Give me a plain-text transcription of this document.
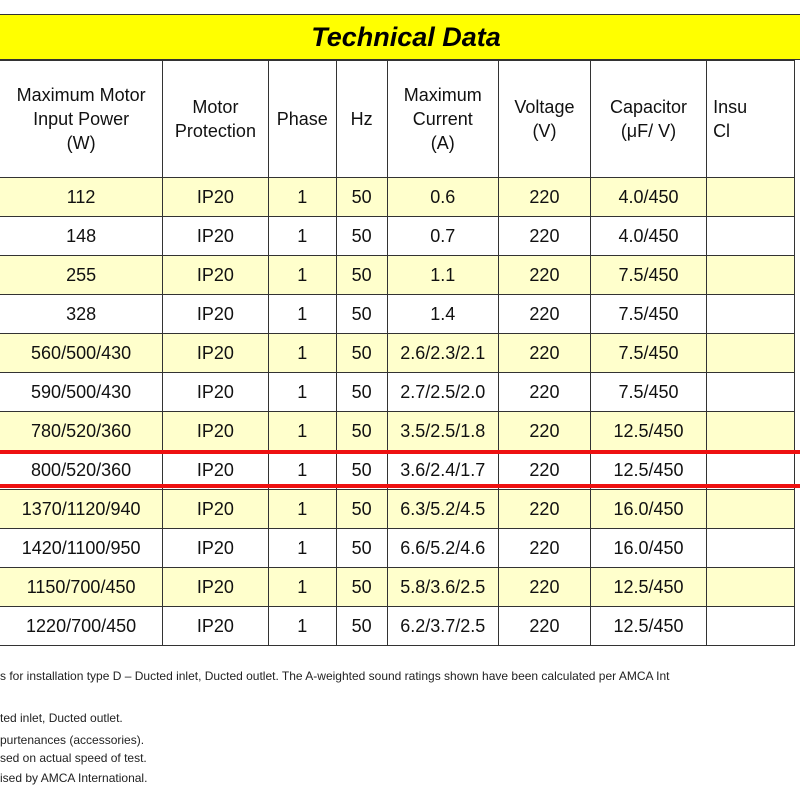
Technical Data
	Maximum Motor
Input Power
(W)	Motor
Protection	Phase	Hz	Maximum
Current
(A)	Voltage
(V)	Capacitor
(μF/ V)	Insu
Cl
	112	IP20	1	50	0.6	220	4.0/450	
	148	IP20	1	50	0.7	220	4.0/450	
	255	IP20	1	50	1.1	220	7.5/450	
	328	IP20	1	50	1.4	220	7.5/450	
	560/500/430	IP20	1	50	2.6/2.3/2.1	220	7.5/450	
	590/500/430	IP20	1	50	2.7/2.5/2.0	220	7.5/450	
	780/520/360	IP20	1	50	3.5/2.5/1.8	220	12.5/450	
	800/520/360	IP20	1	50	3.6/2.4/1.7	220	12.5/450	
	1370/1120/940	IP20	1	50	6.3/5.2/4.5	220	16.0/450	
	1420/1100/950	IP20	1	50	6.6/5.2/4.6	220	16.0/450	
	1150/700/450	IP20	1	50	5.8/3.6/2.5	220	12.5/450	
	1220/700/450	IP20	1	50	6.2/3.7/2.5	220	12.5/450	
s for installation type D – Ducted inlet, Ducted outlet. The A-weighted sound ratings shown have been calculated per AMCA Int
ted inlet, Ducted outlet.
purtenances (accessories).
sed on actual speed of test.
ised by AMCA International.
